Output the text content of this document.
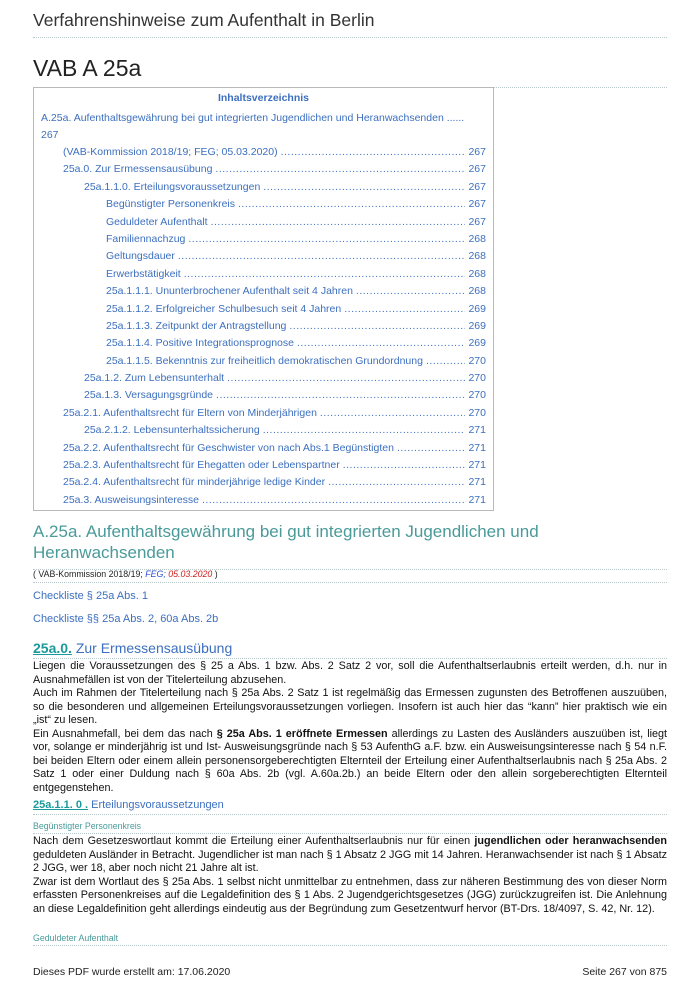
Verfahrenshinweise zum Aufenthalt in Berlin
VAB A 25a
Inhaltsverzeichnis
A.25a. Aufenthaltsgewährung bei gut integrierten Jugendlichen und Heranwachsenden ......
267
(VAB-Kommission 2018/19; FEG; 05.03.2020) .....	267
25a.0. Zur Ermessensausübung .....	267
25a.1.1.0. Erteilungsvoraussetzungen .....	267
Begünstigter Personenkreis .....	267
Geduldeter Aufenthalt .....	267
Familiennachzug .....	268
Geltungsdauer .....	268
Erwerbstätigkeit .....	268
25a.1.1.1. Ununterbrochener Aufenthalt seit 4 Jahren .....	268
25a.1.1.2. Erfolgreicher Schulbesuch seit 4 Jahren .....	269
25a.1.1.3. Zeitpunkt der Antragstellung .....	269
25a.1.1.4. Positive Integrationsprognose .....	269
25a.1.1.5. Bekenntnis zur freiheitlich demokratischen Grundordnung .....	270
25a.1.2. Zum Lebensunterhalt .....	270
25a.1.3. Versagungsgründe .....	270
25a.2.1. Aufenthaltsrecht für Eltern von Minderjährigen .....	270
25a.2.1.2. Lebensunterhaltssicherung .....	271
25a.2.2. Aufenthaltsrecht für Geschwister von nach Abs.1 Begünstigten .....	271
25a.2.3. Aufenthaltsrecht für Ehegatten oder Lebenspartner .....	271
25a.2.4. Aufenthaltsrecht für minderjährige ledige Kinder .....	271
25a.3. Ausweisungsinteresse .....	271
A.25a. Aufenthaltsgewährung bei gut integrierten Jugendlichen und Heranwachsenden
( VAB-Kommission 2018/19; FEG; 05.03.2020 )
Checkliste § 25a Abs. 1
Checkliste §§ 25a Abs. 2, 60a Abs. 2b
25a.0. Zur Ermessensausübung

Liegen die Voraussetzungen des § 25 a Abs. 1 bzw. Abs. 2 Satz 2 vor, soll die Aufenthaltserlaubnis erteilt werden, d.h. nur in Ausnahmefällen ist von der Titelerteilung abzusehen.

Auch im Rahmen der Titelerteilung nach § 25a Abs. 2 Satz 1 ist regelmäßig das Ermessen zugunsten des Betroffenen auszuüben, so die besonderen und allgemeinen Erteilungsvoraussetzungen vorliegen. Insofern ist auch hier das “kann” hier praktisch wie ein „ist“ zu lesen.

Ein Ausnahmefall, bei dem das nach § 25a Abs. 1 eröffnete Ermessen allerdings zu Lasten des Ausländers auszuüben ist, liegt vor, solange er minderjährig ist und Ist- Ausweisungsgründe nach § 53 AufenthG a.F. bzw. ein Ausweisungsinteresse nach § 54 n.F. bei beiden Eltern oder einem allein personensorgeberechtigten Elternteil der Erteilung einer Aufenthaltserlaubnis nach § 25a Abs. 2 Satz 1 oder einer Duldung nach § 60a Abs. 2b (vgl. A.60a.2b.) an beide Eltern oder den allein sorgeberechtigten Elternteil entgegenstehen.

25a.1.1. 0 . Erteilungsvoraussetzungen
Begünstigter Personenkreis

Nach dem Gesetzeswortlaut kommt die Erteilung einer Aufenthaltserlaubnis nur für einen jugendlichen oder heranwachsenden geduldeten Ausländer in Betracht. Jugendlicher ist man nach § 1 Absatz 2 JGG mit 14 Jahren. Heranwachsender ist nach § 1 Absatz 2 JGG, wer 18, aber noch nicht 21 Jahre alt ist.

Zwar ist dem Wortlaut des § 25a Abs. 1 selbst nicht unmittelbar zu entnehmen, dass zur näheren Bestimmung des von dieser Norm erfassten Personenkreises auf die Legaldefinition des § 1 Abs. 2 Jugendgerichtsgesetzes (JGG) zurückzugreifen ist. Die Anlehnung an diese Legaldefinition geht allerdings eindeutig aus der Begründung zum Gesetzentwurf hervor (BT-Drs. 18/4097, S. 42, Nr. 12).

Geduldeter Aufenthalt
Dieses PDF wurde erstellt am: 17.06.2020	Seite 267 von 875
